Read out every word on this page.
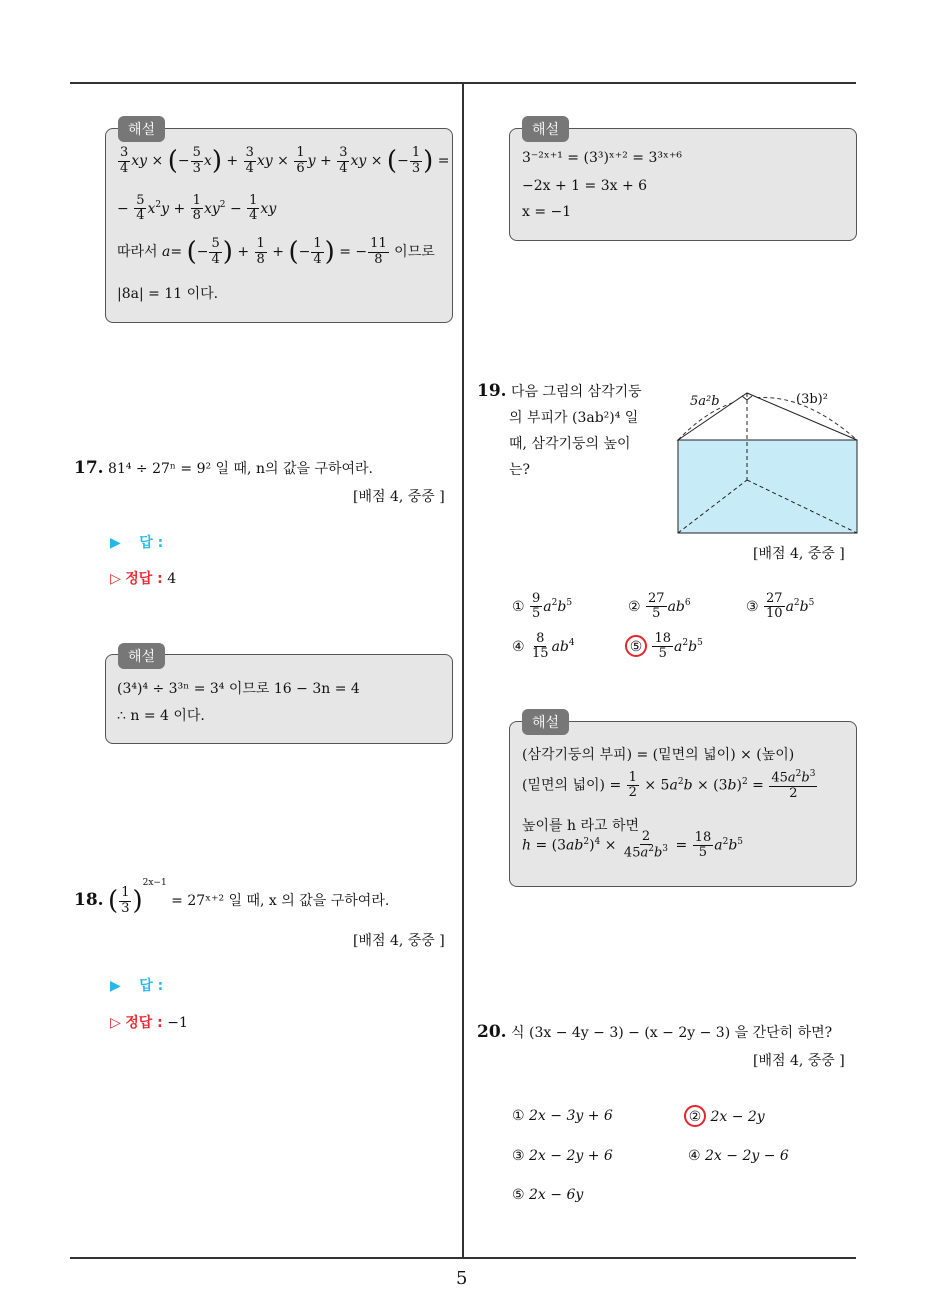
5
해설
$\frac{3}{4}$ xy × (− $\frac{5}{3} x) + \frac{3}{4}$ xy × $\frac{1}{6}$ $y + \frac{3}{4}$ xy × (− $\frac{1}{3}$ ) =
− $\frac{5}{4} x^2y + \frac{1}{8} xy^2 - \frac{1}{4}$ xy
따라서 a= (− $\frac{5}{4}$ ) + $\frac{1}{8}$ + (− $\frac{1}{4}$ ) = − $\frac{11}{8}$ 이므로
|8a| = 11 이다.
17. 81⁴ ÷ 27ⁿ = 9² 일 때, n의 값을 구하여라.
[배점 4, 중중 ]
▶ 답 :
▷ 정답 : 4
해설
(3⁴)⁴ ÷ 3³ⁿ = 3⁴ 이므로 16 − 3n = 4
∴ n = 4 이다.
18. ( $\frac{1}{3} )^{2x-1}$ = 27ˣ⁺² 일 때, x 의 값을 구하여라.
[배점 4, 중중 ]
▶ 답 :
▷ 정답 : −1
해설
3⁻²ˣ⁺¹ = (3³)ˣ⁺² = 3³ˣ⁺⁶
−2x + 1 = 3x + 6
x = −1
19. 다음 그림의 삼각기둥
의 부피가 (3ab²)⁴ 일
때, 삼각기둥의 높이
는?
5a²b	(3b)²
[배점 4, 중중 ]
① $\frac{9}{5} a^2b^5$	② $\frac{27}{5} ab^6$	③ $\frac{27}{10} a^2b^5$
④ $\frac{8}{15} ab^4$	⑤ $\frac{18}{5} a^2b^5$
해설
(삼각기둥의 부피) = (밑면의 넓이) × (높이)
(밑면의 넓이) = $\frac{1}{2} \times 5a^2b \times (3b)^2 = \frac{45a^2b^3}{2}$
높이를 h 라고 하면
$h = (3ab^2)^4 \times \frac{2}{45a^2b^3} = \frac{18}{5} a^2b^5$
20. 식 (3x − 4y − 3) − (x − 2y − 3) 을 간단히 하면?
[배점 4, 중중 ]
① 2x − 3y + 6	② 2x − 2y
③ 2x − 2y + 6	④ 2x − 2y − 6
⑤ 2x − 6y
